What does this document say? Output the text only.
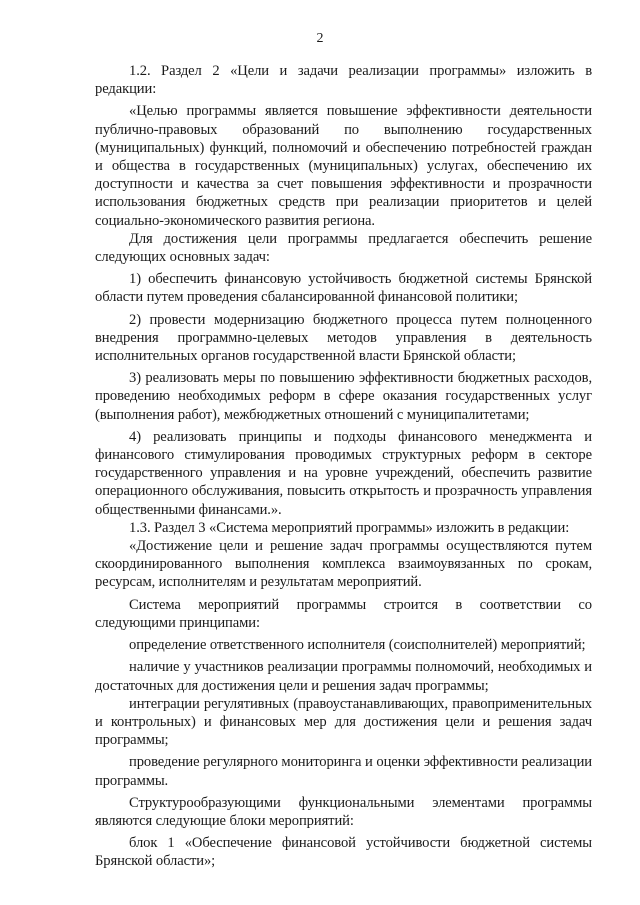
2

1.2. Раздел 2 «Цели и задачи реализации программы» изложить в редакции:

«Целью программы является повышение эффективности деятельности публично-правовых образований по выполнению государственных (муниципальных) функций, полномочий и обеспечению потребностей граждан и общества в государственных (муниципальных) услугах, обеспечению их доступности и качества за счет повышения эффективности и прозрачности использования бюджетных средств при реализации приоритетов и целей социально-экономического развития региона.

Для достижения цели программы предлагается обеспечить решение следующих основных задач:

1) обеспечить финансовую устойчивость бюджетной системы Брянской области путем проведения сбалансированной финансовой политики;

2) провести модернизацию бюджетного процесса путем полноценного внедрения программно-целевых методов управления в деятельность исполнительных органов государственной власти Брянской области;

3) реализовать меры по повышению эффективности бюджетных расходов, проведению необходимых реформ в сфере оказания государственных услуг (выполнения работ), межбюджетных отношений с муниципалитетами;

4) реализовать принципы и подходы финансового менеджмента и финансового стимулирования проводимых структурных реформ в секторе государственного управления и на уровне учреждений, обеспечить развитие операционного обслуживания, повысить открытость и прозрачность управления общественными финансами.».

1.3. Раздел 3 «Система мероприятий программы» изложить в редакции:

«Достижение цели и решение задач программы осуществляются путем скоординированного выполнения комплекса взаимоувязанных по срокам, ресурсам, исполнителям и результатам мероприятий.

Система мероприятий программы строится в соответствии со следующими принципами:

определение ответственного исполнителя (соисполнителей) мероприятий;

наличие у участников реализации программы полномочий, необходимых и достаточных для достижения цели и решения задач программы;

интеграции регулятивных (правоустанавливающих, правоприменительных и контрольных) и финансовых мер для достижения цели и решения задач программы;

проведение регулярного мониторинга и оценки эффективности реализации программы.

Структурообразующими функциональными элементами программы являются следующие блоки мероприятий:

блок 1 «Обеспечение финансовой устойчивости бюджетной системы Брянской области»;
